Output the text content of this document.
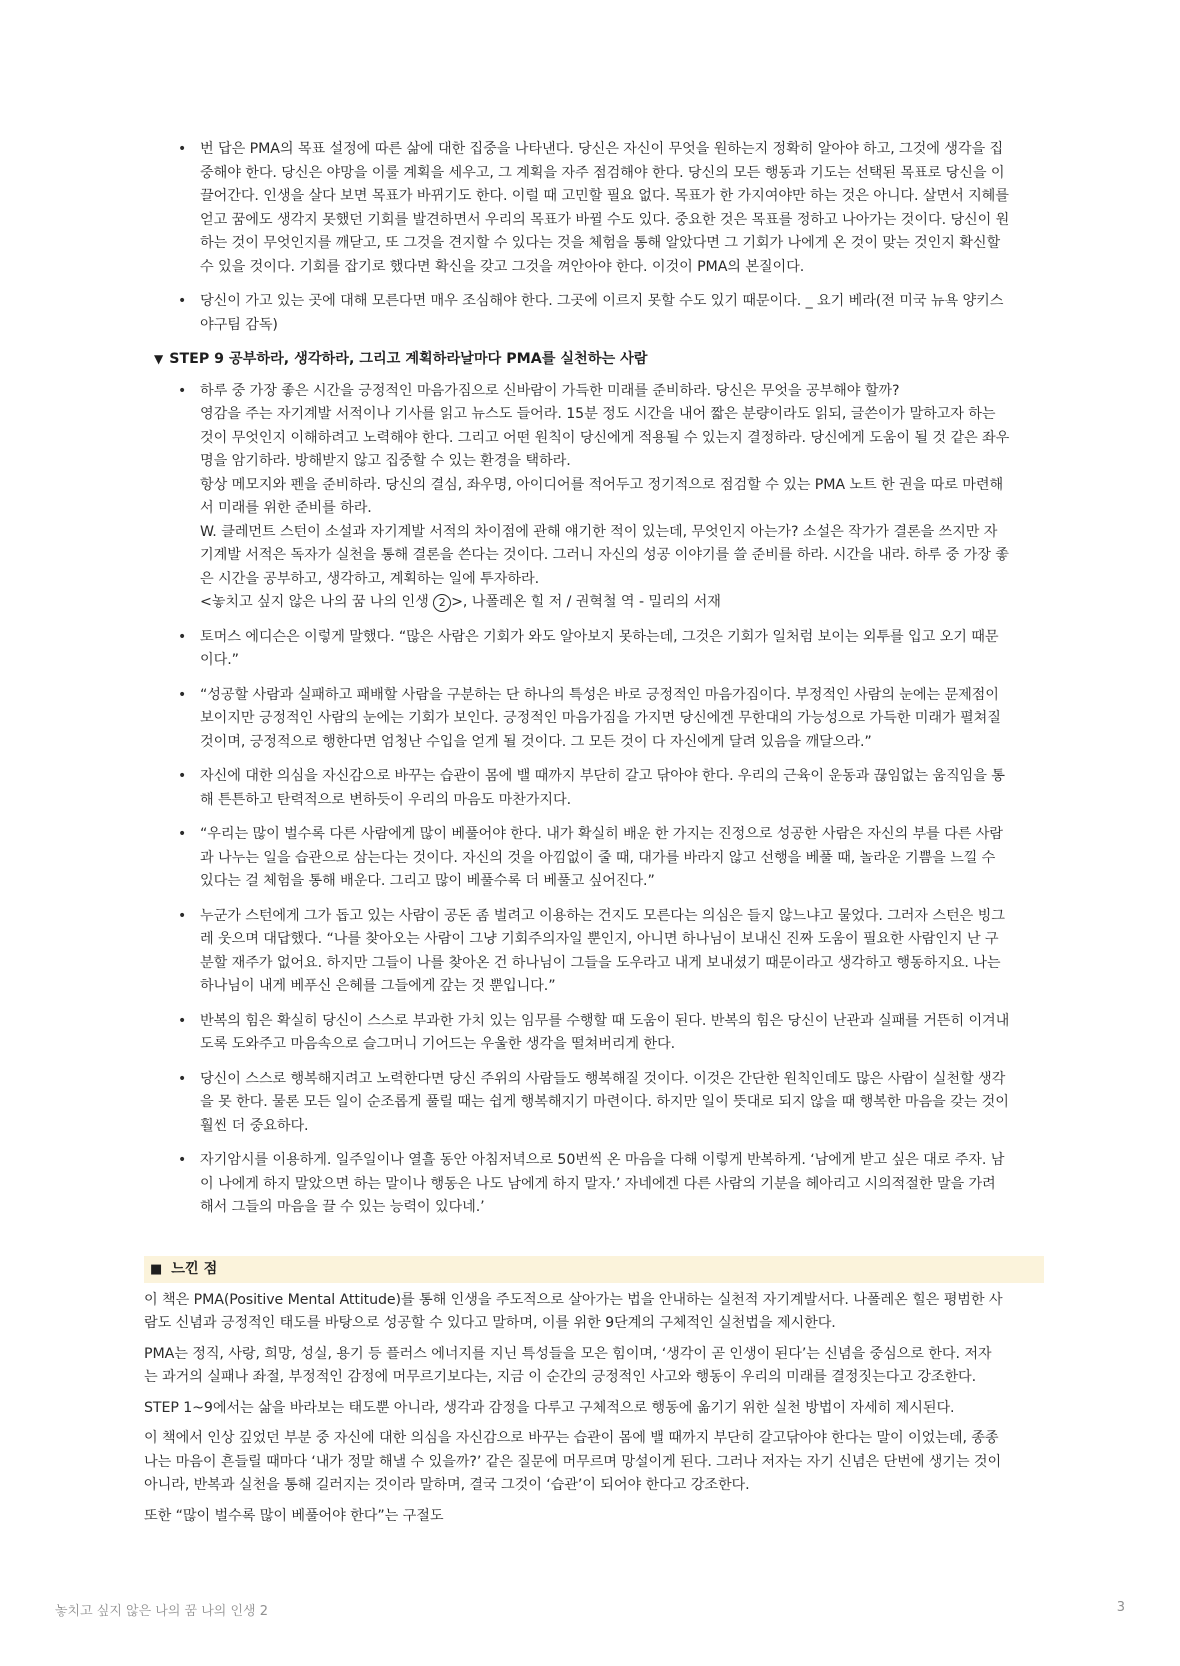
• 번 답은 PMA의 목표 설정에 따른 삶에 대한 집중을 나타낸다. 당신은 자신이 무엇을 원하는지 정확히 알아야 하고, 그것에 생각을 집
중해야 한다. 당신은 야망을 이룰 계획을 세우고, 그 계획을 자주 점검해야 한다. 당신의 모든 행동과 기도는 선택된 목표로 당신을 이
끌어간다. 인생을 살다 보면 목표가 바뀌기도 한다. 이럴 때 고민할 필요 없다. 목표가 한 가지여야만 하는 것은 아니다. 살면서 지혜를
얻고 꿈에도 생각지 못했던 기회를 발견하면서 우리의 목표가 바뀔 수도 있다. 중요한 것은 목표를 정하고 나아가는 것이다. 당신이 원
하는 것이 무엇인지를 깨닫고, 또 그것을 견지할 수 있다는 것을 체험을 통해 알았다면 그 기회가 나에게 온 것이 맞는 것인지 확신할
수 있을 것이다. 기회를 잡기로 했다면 확신을 갖고 그것을 껴안아야 한다. 이것이 PMA의 본질이다.
• 당신이 가고 있는 곳에 대해 모른다면 매우 조심해야 한다. 그곳에 이르지 못할 수도 있기 때문이다. _ 요기 베라(전 미국 뉴욕 양키스
야구팀 감독)
▼ STEP 9 공부하라, 생각하라, 그리고 계획하라날마다 PMA를 실천하는 사람
• 하루 중 가장 좋은 시간을 긍정적인 마음가짐으로 신바람이 가득한 미래를 준비하라. 당신은 무엇을 공부해야 할까?
영감을 주는 자기계발 서적이나 기사를 읽고 뉴스도 들어라. 15분 정도 시간을 내어 짧은 분량이라도 읽되, 글쓴이가 말하고자 하는
것이 무엇인지 이해하려고 노력해야 한다. 그리고 어떤 원칙이 당신에게 적용될 수 있는지 결정하라. 당신에게 도움이 될 것 같은 좌우
명을 암기하라. 방해받지 않고 집중할 수 있는 환경을 택하라.
항상 메모지와 펜을 준비하라. 당신의 결심, 좌우명, 아이디어를 적어두고 정기적으로 점검할 수 있는 PMA 노트 한 권을 따로 마련해
서 미래를 위한 준비를 하라.
W. 클레먼트 스턴이 소설과 자기계발 서적의 차이점에 관해 얘기한 적이 있는데, 무엇인지 아는가? 소설은 작가가 결론을 쓰지만 자
기계발 서적은 독자가 실천을 통해 결론을 쓴다는 것이다. 그러니 자신의 성공 이야기를 쓸 준비를 하라. 시간을 내라. 하루 중 가장 좋
은 시간을 공부하고, 생각하고, 계획하는 일에 투자하라.
<놓치고 싶지 않은 나의 꿈 나의 인생 2 >, 나폴레온 힐 저 / 권혁철 역 - 밀리의 서재
• 토머스 에디슨은 이렇게 말했다. “많은 사람은 기회가 와도 알아보지 못하는데, 그것은 기회가 일처럼 보이는 외투를 입고 오기 때문
이다.”
• “성공할 사람과 실패하고 패배할 사람을 구분하는 단 하나의 특성은 바로 긍정적인 마음가짐이다. 부정적인 사람의 눈에는 문제점이
보이지만 긍정적인 사람의 눈에는 기회가 보인다. 긍정적인 마음가짐을 가지면 당신에겐 무한대의 가능성으로 가득한 미래가 펼쳐질
것이며, 긍정적으로 행한다면 엄청난 수입을 얻게 될 것이다. 그 모든 것이 다 자신에게 달려 있음을 깨달으라.”
• 자신에 대한 의심을 자신감으로 바꾸는 습관이 몸에 밸 때까지 부단히 갈고 닦아야 한다. 우리의 근육이 운동과 끊임없는 움직임을 통
해 튼튼하고 탄력적으로 변하듯이 우리의 마음도 마찬가지다.
• “우리는 많이 벌수록 다른 사람에게 많이 베풀어야 한다. 내가 확실히 배운 한 가지는 진정으로 성공한 사람은 자신의 부를 다른 사람
과 나누는 일을 습관으로 삼는다는 것이다. 자신의 것을 아낌없이 줄 때, 대가를 바라지 않고 선행을 베풀 때, 놀라운 기쁨을 느낄 수
있다는 걸 체험을 통해 배운다. 그리고 많이 베풀수록 더 베풀고 싶어진다.”
• 누군가 스턴에게 그가 돕고 있는 사람이 공돈 좀 벌려고 이용하는 건지도 모른다는 의심은 들지 않느냐고 물었다. 그러자 스턴은 빙그
레 웃으며 대답했다. “나를 찾아오는 사람이 그냥 기회주의자일 뿐인지, 아니면 하나님이 보내신 진짜 도움이 필요한 사람인지 난 구
분할 재주가 없어요. 하지만 그들이 나를 찾아온 건 하나님이 그들을 도우라고 내게 보내셨기 때문이라고 생각하고 행동하지요. 나는
하나님이 내게 베푸신 은혜를 그들에게 갚는 것 뿐입니다.”
• 반복의 힘은 확실히 당신이 스스로 부과한 가치 있는 임무를 수행할 때 도움이 된다. 반복의 힘은 당신이 난관과 실패를 거뜬히 이겨내
도록 도와주고 마음속으로 슬그머니 기어드는 우울한 생각을 떨쳐버리게 한다.
• 당신이 스스로 행복해지려고 노력한다면 당신 주위의 사람들도 행복해질 것이다. 이것은 간단한 원칙인데도 많은 사람이 실천할 생각
을 못 한다. 물론 모든 일이 순조롭게 풀릴 때는 쉽게 행복해지기 마련이다. 하지만 일이 뜻대로 되지 않을 때 행복한 마음을 갖는 것이
훨씬 더 중요하다.
• 자기암시를 이용하게. 일주일이나 열흘 동안 아침저녁으로 50번씩 온 마음을 다해 이렇게 반복하게. ‘남에게 받고 싶은 대로 주자. 남
이 나에게 하지 말았으면 하는 말이나 행동은 나도 남에게 하지 말자.’ 자네에겐 다른 사람의 기분을 헤아리고 시의적절한 말을 가려
해서 그들의 마음을 끌 수 있는 능력이 있다네.’
■ 느낀 점
이 책은 PMA(Positive Mental Attitude)를 통해 인생을 주도적으로 살아가는 법을 안내하는 실천적 자기계발서다. 나폴레온 힐은 평범한 사
람도 신념과 긍정적인 태도를 바탕으로 성공할 수 있다고 말하며, 이를 위한 9단계의 구체적인 실천법을 제시한다.
PMA는 정직, 사랑, 희망, 성실, 용기 등 플러스 에너지를 지닌 특성들을 모은 힘이며, ‘생각이 곧 인생이 된다’는 신념을 중심으로 한다. 저자
는 과거의 실패나 좌절, 부정적인 감정에 머무르기보다는, 지금 이 순간의 긍정적인 사고와 행동이 우리의 미래를 결정짓는다고 강조한다.
STEP 1~9에서는 삶을 바라보는 태도뿐 아니라, 생각과 감정을 다루고 구체적으로 행동에 옮기기 위한 실천 방법이 자세히 제시된다.
이 책에서 인상 깊었던 부분 중 자신에 대한 의심을 자신감으로 바꾸는 습관이 몸에 밸 때까지 부단히 갈고닦아야 한다는 말이 이었는데, 종종
나는 마음이 흔들릴 때마다 ‘내가 정말 해낼 수 있을까?’ 같은 질문에 머무르며 망설이게 된다. 그러나 저자는 자기 신념은 단번에 생기는 것이
아니라, 반복과 실천을 통해 길러지는 것이라 말하며, 결국 그것이 ‘습관’이 되어야 한다고 강조한다.
또한 “많이 벌수록 많이 베풀어야 한다”는 구절도
놓치고 싶지 않은 나의 꿈 나의 인생 2	3
